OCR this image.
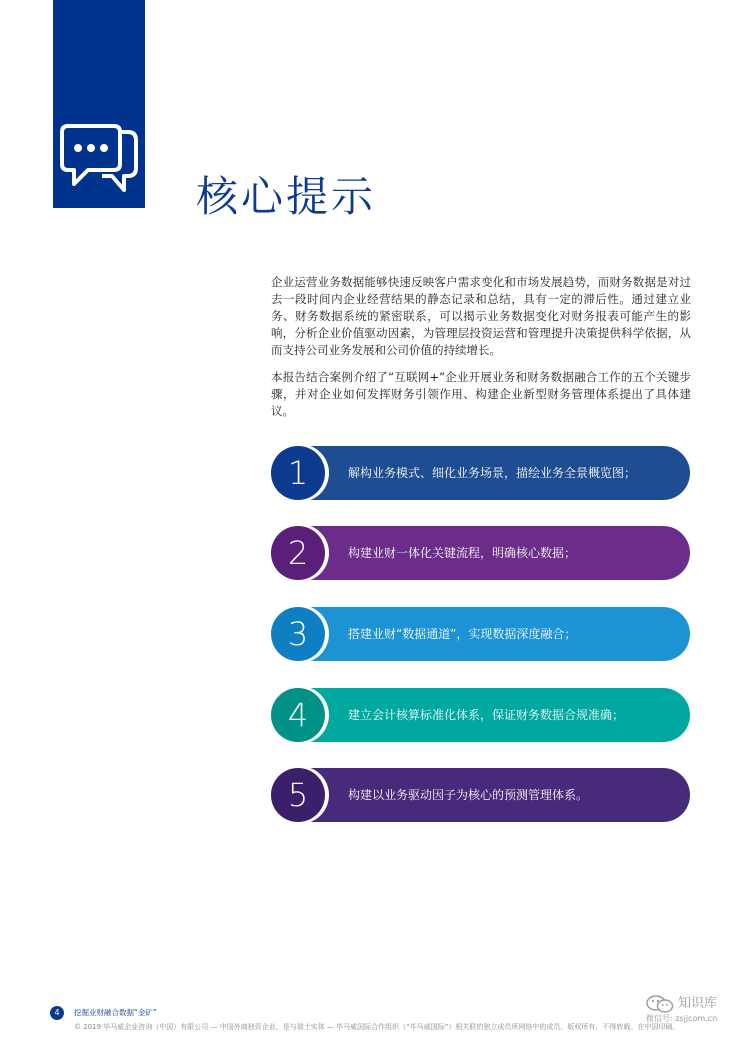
核心提示

企业运营业务数据能够快速反映客户需求变化和市场发展趋势，而财务数据是对过去一段时间内企业经营结果的静态记录和总结，具有一定的滞后性。通过建立业务、财务数据系统的紧密联系，可以揭示业务数据变化对财务报表可能产生的影响，分析企业价值驱动因素，为管理层投资运营和管理提升决策提供科学依据，从而支持公司业务发展和公司价值的持续增长。

本报告结合案例介绍了“互联网+”企业开展业务和财务数据融合工作的五个关键步骤，并对企业如何发挥财务引领作用、构建企业新型财务管理体系提出了具体建议。

1	解构业务模式、细化业务场景，描绘业务全景概览图；
2	构建业财一体化关键流程，明确核心数据；
3	搭建业财“数据通道”，实现数据深度融合；
4	建立会计核算标准化体系，保证财务数据合规准确；
5	构建以业务驱动因子为核心的预测管理体系。
4	挖掘业财融合数据“金矿”
© 2019 毕马威企业咨询（中国）有限公司 — 中国外商独资企业，是与瑞士实体 — 毕马威国际合作组织（“毕马威国际”）相关联的独立成员所网络中的成员。版权所有，不得转载。在中国印刷。
知识库
微信号: zsjjcom.cn
